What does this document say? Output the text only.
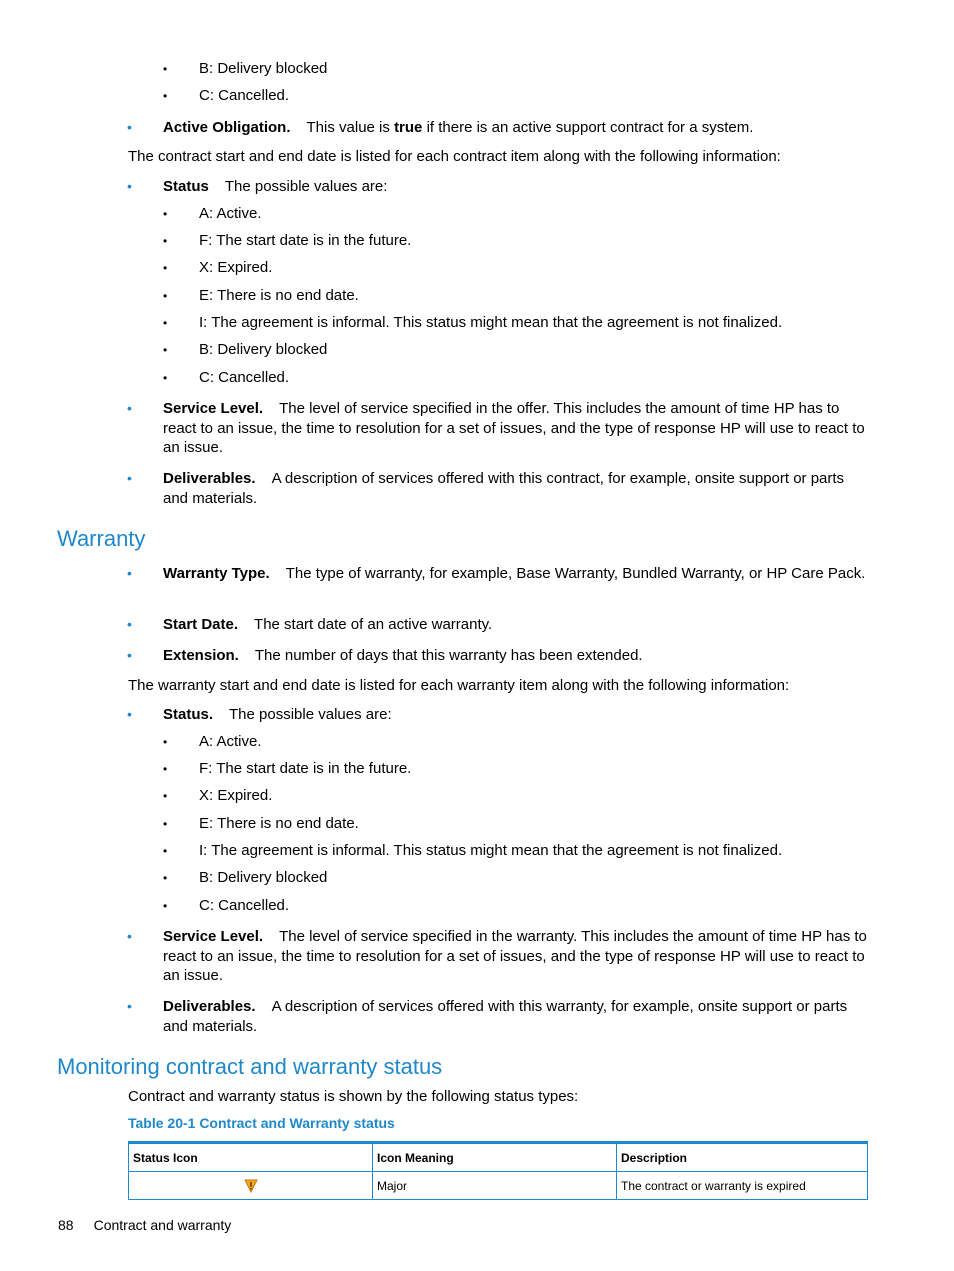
• B: Delivery blocked
• C: Cancelled.
• Active Obligation. This value is true if there is an active support contract for a system.
The contract start and end date is listed for each contract item along with the following information:
• Status The possible values are:
• A: Active.
• F: The start date is in the future.
• X: Expired.
• E: There is no end date.
• I: The agreement is informal. This status might mean that the agreement is not finalized.
• B: Delivery blocked
• C: Cancelled.
• Service Level. The level of service specified in the offer. This includes the amount of time HP has to react to an issue, the time to resolution for a set of issues, and the type of response HP will use to react to an issue.
• Deliverables. A description of services offered with this contract, for example, onsite support or parts and materials.
Warranty
• Warranty Type. The type of warranty, for example, Base Warranty, Bundled Warranty, or HP Care Pack.
• Start Date. The start date of an active warranty.
• Extension. The number of days that this warranty has been extended.
The warranty start and end date is listed for each warranty item along with the following information:
• Status. The possible values are:
• A: Active.
• F: The start date is in the future.
• X: Expired.
• E: There is no end date.
• I: The agreement is informal. This status might mean that the agreement is not finalized.
• B: Delivery blocked
• C: Cancelled.
• Service Level. The level of service specified in the warranty. This includes the amount of time HP has to react to an issue, the time to resolution for a set of issues, and the type of response HP will use to react to an issue.
• Deliverables. A description of services offered with this warranty, for example, onsite support or parts and materials.
Monitoring contract and warranty status
Contract and warranty status is shown by the following status types:
Table 20-1 Contract and Warranty status
Status Icon	Icon Meaning	Description

	Major	The contract or warranty is expired
88 Contract and warranty
